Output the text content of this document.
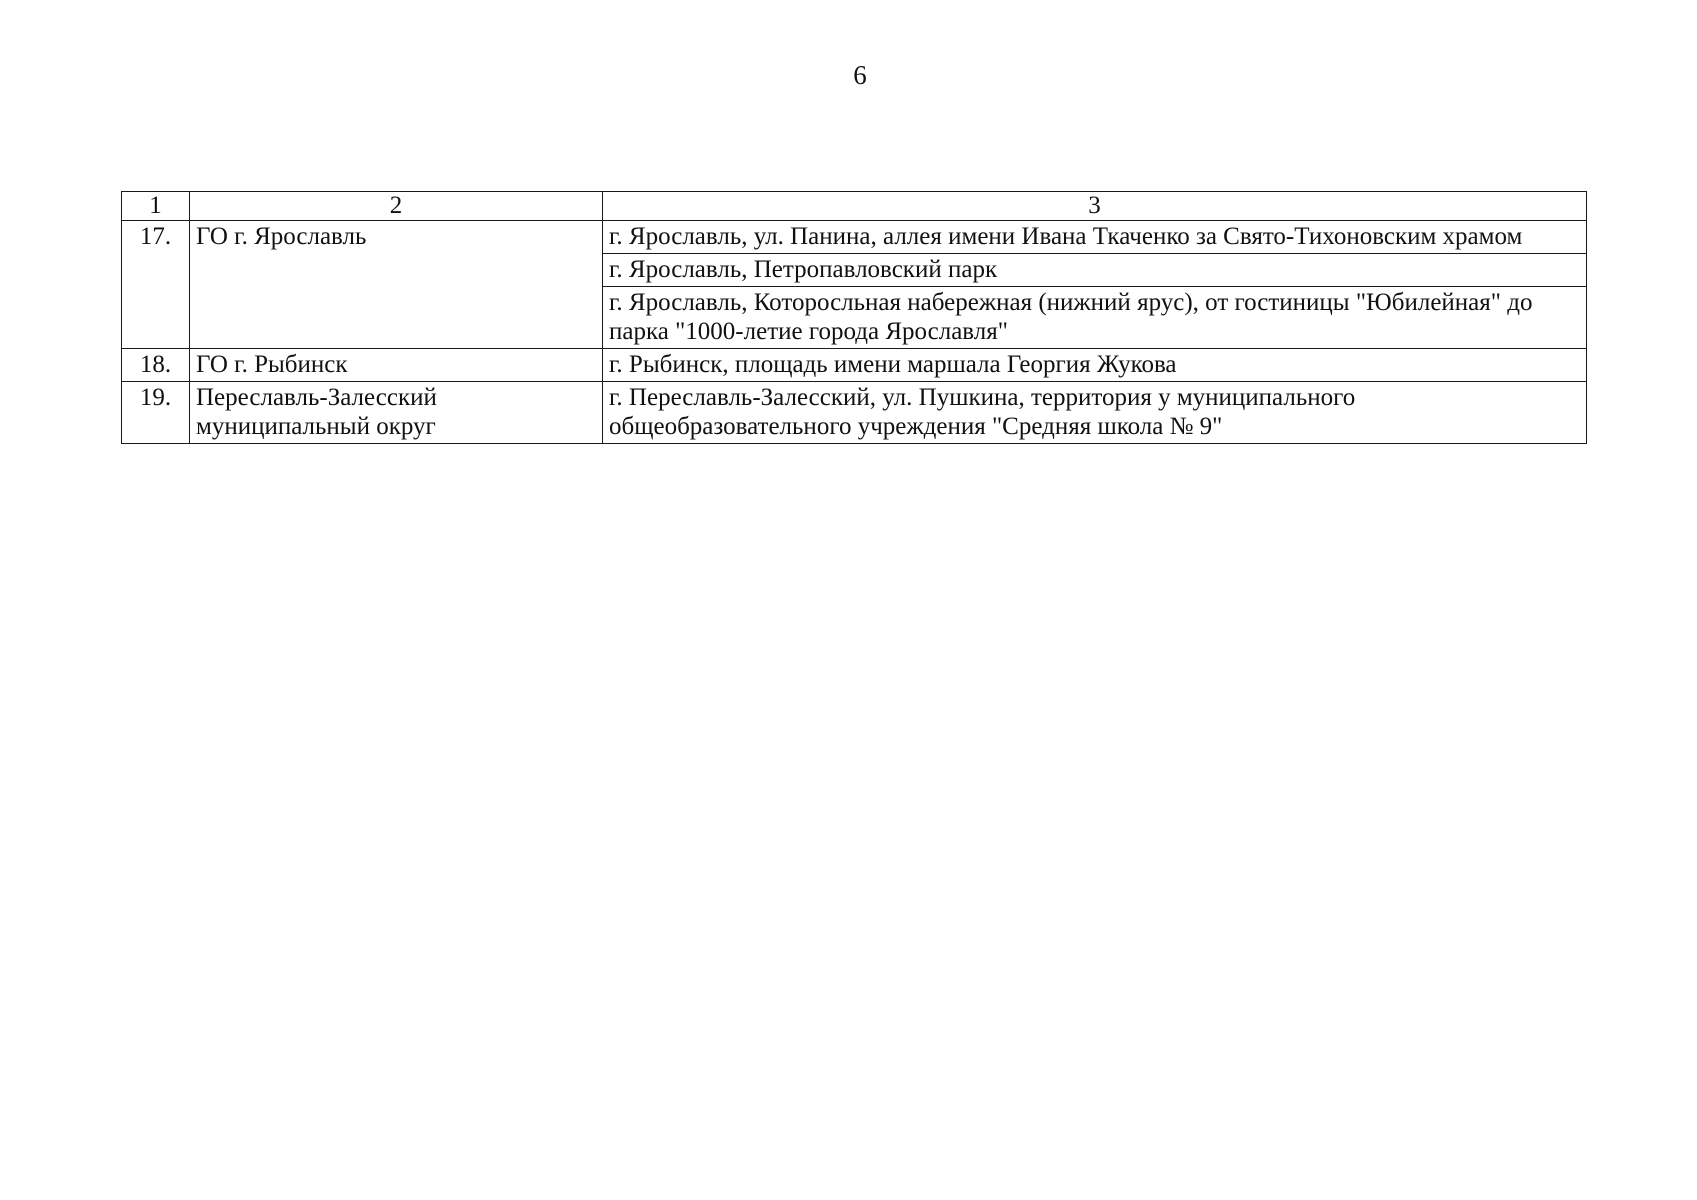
6
1	2	3
17.	ГО г. Ярославль	г. Ярославль, ул. Панина, аллея имени Ивана Ткаченко за Свято-Тихоновским храмом
		г. Ярославль, Петропавловский парк
		г. Ярославль, Которосльная набережная (нижний ярус), от гостиницы "Юбилейная" до парка "1000-летие города Ярославля"
18.	ГО г. Рыбинск	г. Рыбинск, площадь имени маршала Георгия Жукова
19.	Переславль-Залесский муниципальный округ	г. Переславль-Залесский, ул. Пушкина, территория у муниципального общеобразовательного учреждения "Средняя школа № 9"
